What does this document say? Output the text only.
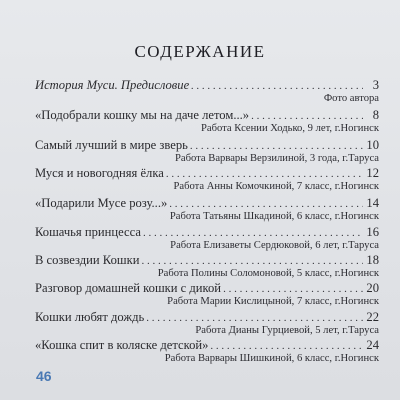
СОДЕРЖАНИЕ
История Муси. Предисловие . . .	3
Фото автора
«Подобрали кошку мы на даче летом...» . . .	8
Работа Ксении Ходько, 9 лет, г.Ногинск
Самый лучший в мире зверь . . .	10
Работа Варвары Верзилиной, 3 года, г.Таруса
Муся и новогодняя ёлка . . .	12
Работа Анны Комочкиной, 7 класс, г.Ногинск
«Подарили Мусе розу...» . . .	14
Работа Татьяны Шкадиной, 6 класс, г.Ногинск
Кошачья принцесса . . .	16
Работа Елизаветы Сердюковой, 6 лет, г.Таруса
В созвездии Кошки . . .	18
Работа Полины Соломоновой, 5 класс, г.Ногинск
Разговор домашней кошки с дикой . . .	20
Работа Марии Кислицыной, 7 класс, г.Ногинск
Кошки любят дождь . . .	22
Работа Дианы Гурциевой, 5 лет, г.Таруса
«Кошка спит в коляске детской» . . .	24
Работа Варвары Шишкиной, 6 класс, г.Ногинск
46
